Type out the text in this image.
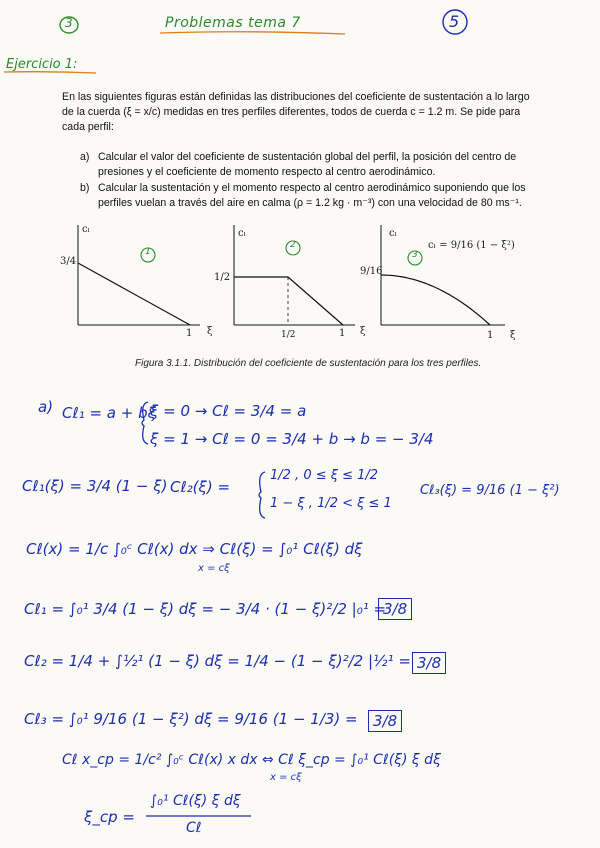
3	Problemas tema 7	5
Ejercicio 1:
En las siguientes figuras están definidas las distribuciones del coeficiente de sustentación a lo largo
de la cuerda (ξ = x/c) medidas en tres perfiles diferentes, todos de cuerda c = 1.2 m. Se pide para
cada perfil:
a) Calcular el valor del coeficiente de sustentación global del perfil, la posición del centro de
presiones y el coeficiente de momento respecto al centro aerodinámico.
b) Calcular la sustentación y el momento respecto al centro aerodinámico suponiendo que los
perfiles vuelan a través del aire en calma (ρ = 1.2 kg · m⁻³) con una velocidad de 80 ms⁻¹.
cₗ
3/4
1 ξ
1
cₗ
1/2
1/2	1 ξ
2
cₗ
9/16
cₗ = 9/16 (1 − ξ²)
1 ξ
3
Figura 3.1.1. Distribución del coeficiente de sustentación para los tres perfiles.
a) Cℓ₁ = a + bξ
ξ = 0 → Cℓ = 3/4 = a
ξ = 1 → Cℓ = 0 = 3/4 + b → b = − 3/4
Cℓ₁(ξ) = 3/4 (1 − ξ) Cℓ₂(ξ) =
1/2 , 0 ≤ ξ ≤ 1/2
1 − ξ , 1/2 < ξ ≤ 1
Cℓ₃(ξ) = 9/16 (1 − ξ²)
Cℓ(x) = 1/c ∫₀ᶜ Cℓ(x) dx ⇒ Cℓ(ξ) = ∫₀¹ Cℓ(ξ) dξ
x = cξ
Cℓ₁ = ∫₀¹ 3/4 (1 − ξ) dξ = − 3/4 · (1 − ξ)²/2 |₀¹ =
3/8
Cℓ₂ = 1/4 + ∫½¹ (1 − ξ) dξ = 1/4 − (1 − ξ)²/2 |½¹ = 3/8
Cℓ₃ = ∫₀¹ 9/16 (1 − ξ²) dξ = 9/16 (1 − 1/3) =	3/8
Cℓ x_cp = 1/c² ∫₀ᶜ Cℓ(x) x dx ⇔ Cℓ ξ_cp = ∫₀¹ Cℓ(ξ) ξ dξ
x = cξ
ξ_cp =
∫₀¹ Cℓ(ξ) ξ dξ
Cℓ
